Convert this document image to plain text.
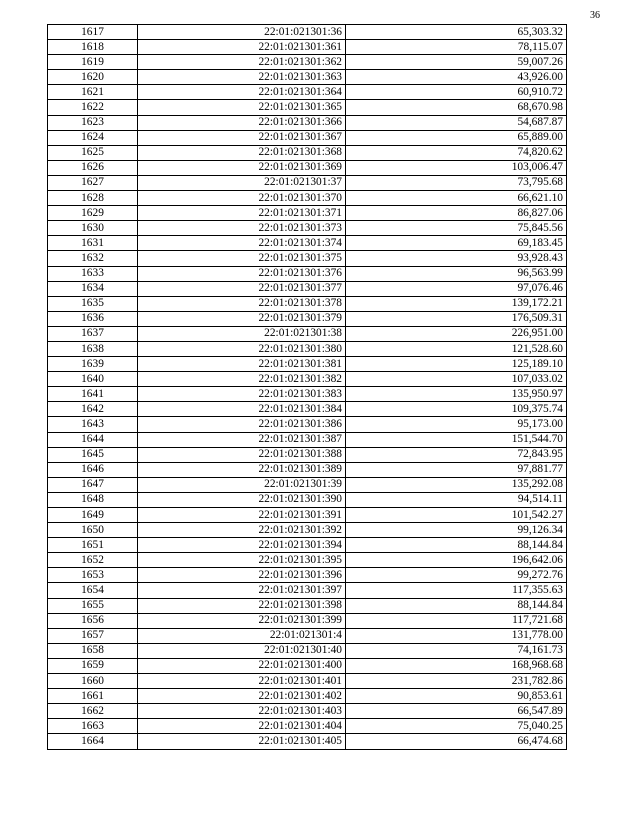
36
1617	22:01:021301:36	65,303.32
1618	22:01:021301:361	78,115.07
1619	22:01:021301:362	59,007.26
1620	22:01:021301:363	43,926.00
1621	22:01:021301:364	60,910.72
1622	22:01:021301:365	68,670.98
1623	22:01:021301:366	54,687.87
1624	22:01:021301:367	65,889.00
1625	22:01:021301:368	74,820.62
1626	22:01:021301:369	103,006.47
1627	22:01:021301:37	73,795.68
1628	22:01:021301:370	66,621.10
1629	22:01:021301:371	86,827.06
1630	22:01:021301:373	75,845.56
1631	22:01:021301:374	69,183.45
1632	22:01:021301:375	93,928.43
1633	22:01:021301:376	96,563.99
1634	22:01:021301:377	97,076.46
1635	22:01:021301:378	139,172.21
1636	22:01:021301:379	176,509.31
1637	22:01:021301:38	226,951.00
1638	22:01:021301:380	121,528.60
1639	22:01:021301:381	125,189.10
1640	22:01:021301:382	107,033.02
1641	22:01:021301:383	135,950.97
1642	22:01:021301:384	109,375.74
1643	22:01:021301:386	95,173.00
1644	22:01:021301:387	151,544.70
1645	22:01:021301:388	72,843.95
1646	22:01:021301:389	97,881.77
1647	22:01:021301:39	135,292.08
1648	22:01:021301:390	94,514.11
1649	22:01:021301:391	101,542.27
1650	22:01:021301:392	99,126.34
1651	22:01:021301:394	88,144.84
1652	22:01:021301:395	196,642.06
1653	22:01:021301:396	99,272.76
1654	22:01:021301:397	117,355.63
1655	22:01:021301:398	88,144.84
1656	22:01:021301:399	117,721.68
1657	22:01:021301:4	131,778.00
1658	22:01:021301:40	74,161.73
1659	22:01:021301:400	168,968.68
1660	22:01:021301:401	231,782.86
1661	22:01:021301:402	90,853.61
1662	22:01:021301:403	66,547.89
1663	22:01:021301:404	75,040.25
1664	22:01:021301:405	66,474.68
